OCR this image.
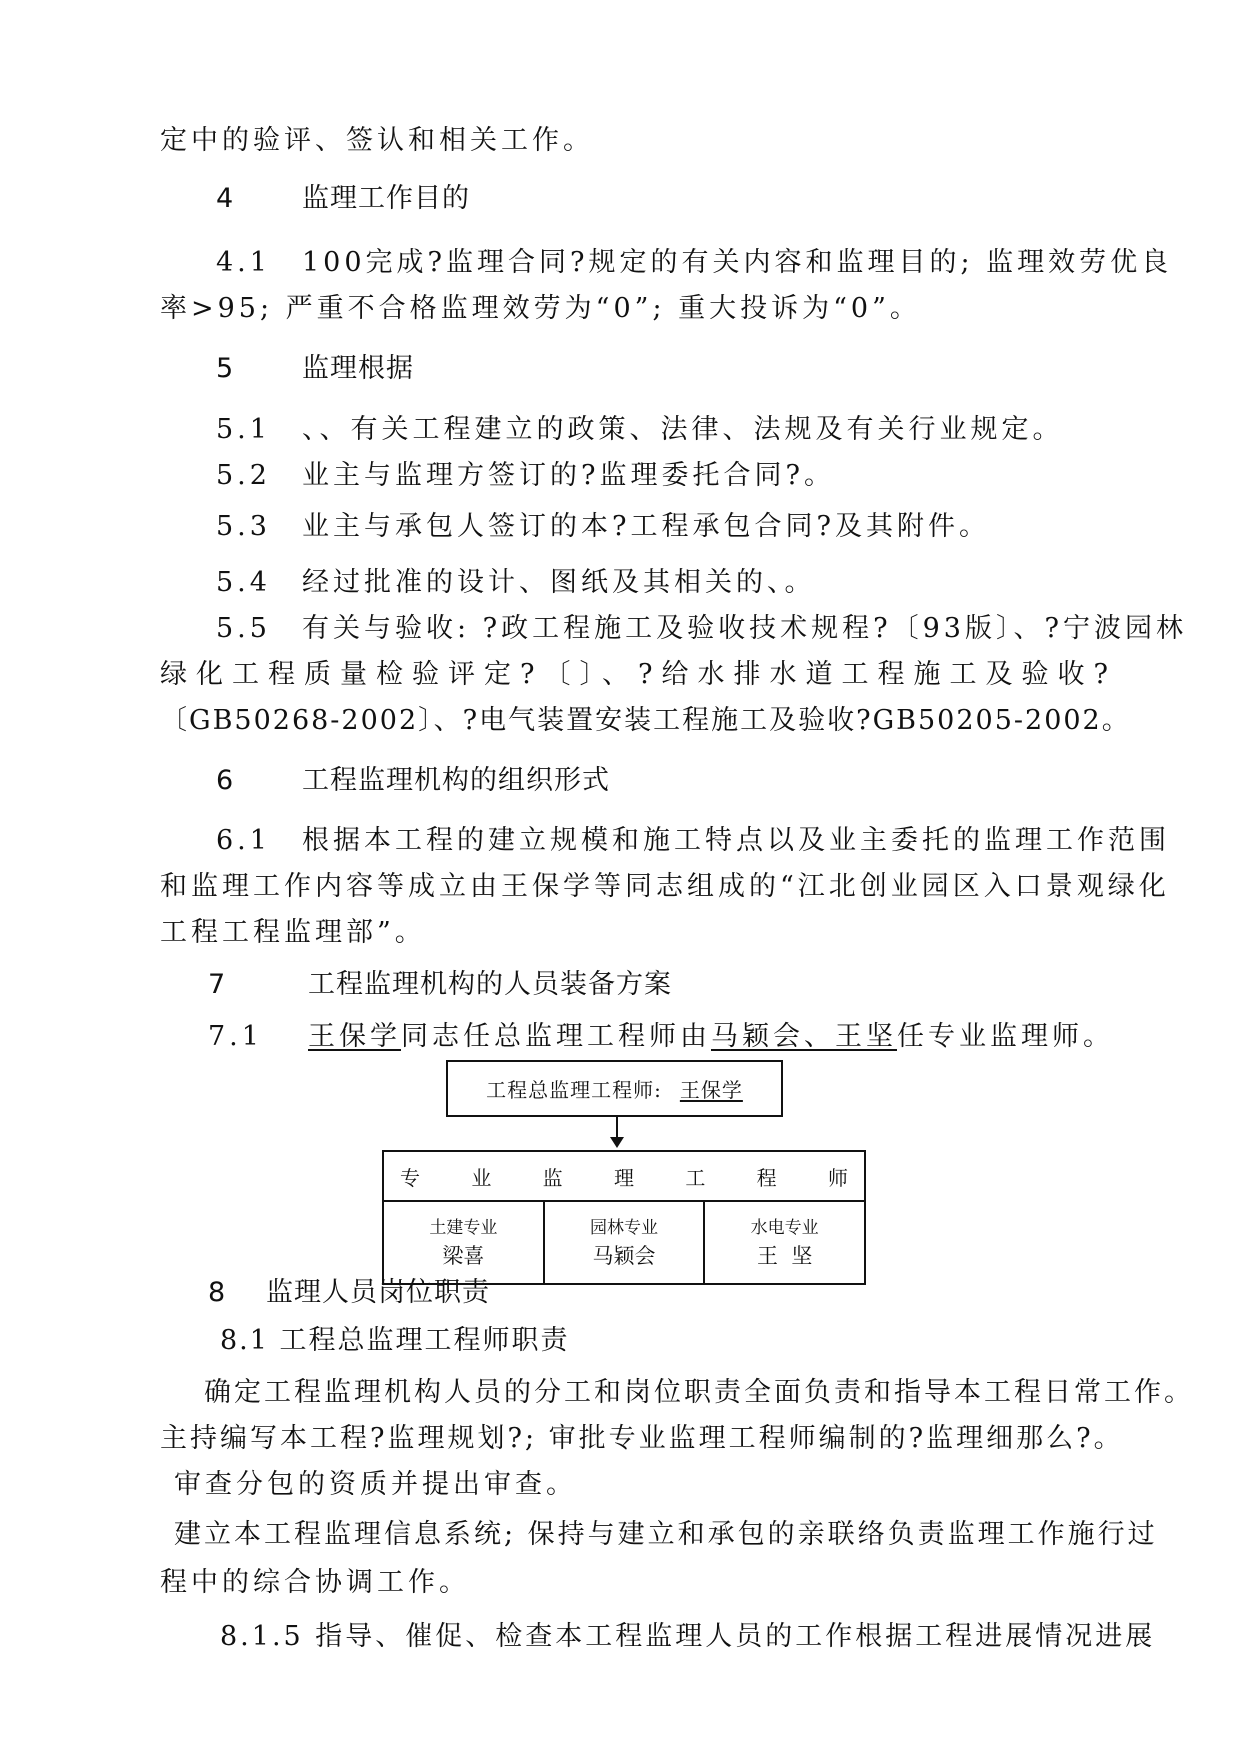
定中的验评、签认和相关工作。
4	监理工作目的
4.1 100完成?监理合同?规定的有关内容和监理目的; 监理效劳优良
率>95; 严重不合格监理效劳为“0”; 重大投诉为“0”。
5	监理根据
5.1 、、有关工程建立的政策、法律、法规及有关行业规定。
5.2 业主与监理方签订的?监理委托合同?。
5.3 业主与承包人签订的本?工程承包合同?及其附件。
5.4 经过批准的设计、图纸及其相关的、。
5.5 有关与验收: ?政工程施工及验收技术规程?〔93版〕、?宁波园林
绿化工程质量检验评定?〔〕、?给水排水道工程施工及验收?
〔GB50268-2002〕、?电气装置安装工程施工及验收?GB50205-2002。
6	工程监理机构的组织形式
6.1 根据本工程的建立规模和施工特点以及业主委托的监理工作范围
和监理工作内容等成立由王保学等同志组成的“江北创业园区入口景观绿化
工程工程监理部”。
7	工程监理机构的人员装备方案
7.1 王保学同志任总监理工程师由马颖会、王坚任专业监理师。
工程总监理工程师: 王保学
专	业	监	理	工	程	师
土建专业
梁喜
园林专业
马颖会
水电专业
王  坚
8 监理人员岗位职责
8.1 工程总监理工程师职责
确定工程监理机构人员的分工和岗位职责全面负责和指导本工程日常工作。
主持编写本工程?监理规划?; 审批专业监理工程师编制的?监理细那么?。
审查分包的资质并提出审查。
建立本工程监理信息系统; 保持与建立和承包的亲联络负责监理工作施行过
程中的综合协调工作。
8.1.5 指导、催促、检查本工程监理人员的工作根据工程进展情况进展
